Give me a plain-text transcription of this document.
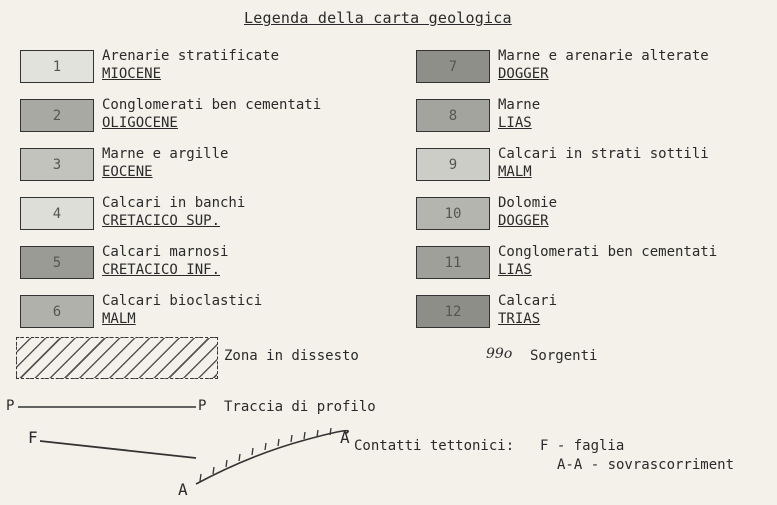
Legenda della carta geologica
1
Arenarie stratificate
MIOCENE
2
Conglomerati ben cementati
OLIGOCENE
3
Marne e argille
EOCENE
4
Calcari in banchi
CRETACICO SUP.
5
Calcari marnosi
CRETACICO INF.
6
Calcari bioclastici
MALM
7
Marne e arenarie alterate
DOGGER
8
Marne
LIAS
9
Calcari in strati sottili
MALM
10
Dolomie
DOGGER
11
Conglomerati ben cementati
LIAS
12
Calcari
TRIAS
Zona in dissesto	99o Sorgenti
P	P Traccia di profilo
F
A
A Contatti tettonici: F - faglia
A-A - sovrascorriment
